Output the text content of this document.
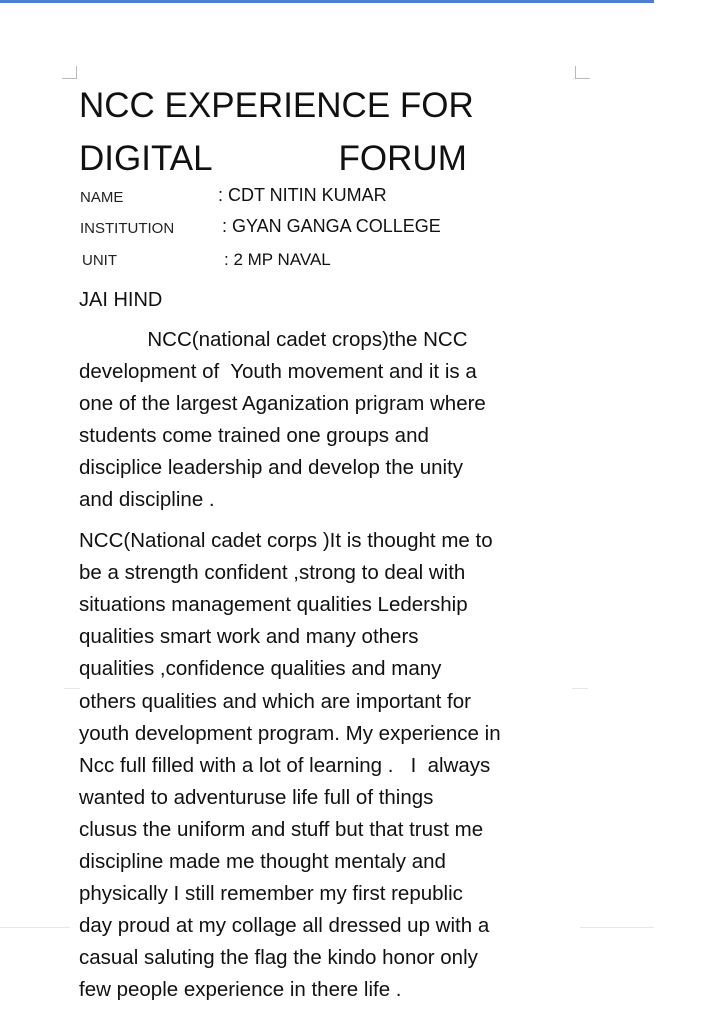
NCC EXPERIENCE FOR
DIGITAL	FORUM
NAME	: CDT NITIN KUMAR
INSTITUTION	: GYAN GANGA COLLEGE
UNIT	: 2 MP NAVAL
JAI HIND

NCC(national cadet crops)the NCC
development of  Youth movement and it is a
one of the largest Aganization prigram where
students come trained one groups and
disciplice leadership and develop the unity
and discipline .

NCC(National cadet corps )It is thought me to
be a strength confident ,strong to deal with
situations management qualities Ledership
qualities smart work and many others
qualities ,confidence qualities and many

others qualities and which are important for
youth development program. My experience in
Ncc full filled with a lot of learning .   I  always
wanted to adventuruse life full of things
clusus the uniform and stuff but that trust me
discipline made me thought mentaly and
physically I still remember my first republic
day proud at my collage all dressed up with a
casual saluting the flag the kindo honor only
few people experience in there life .
